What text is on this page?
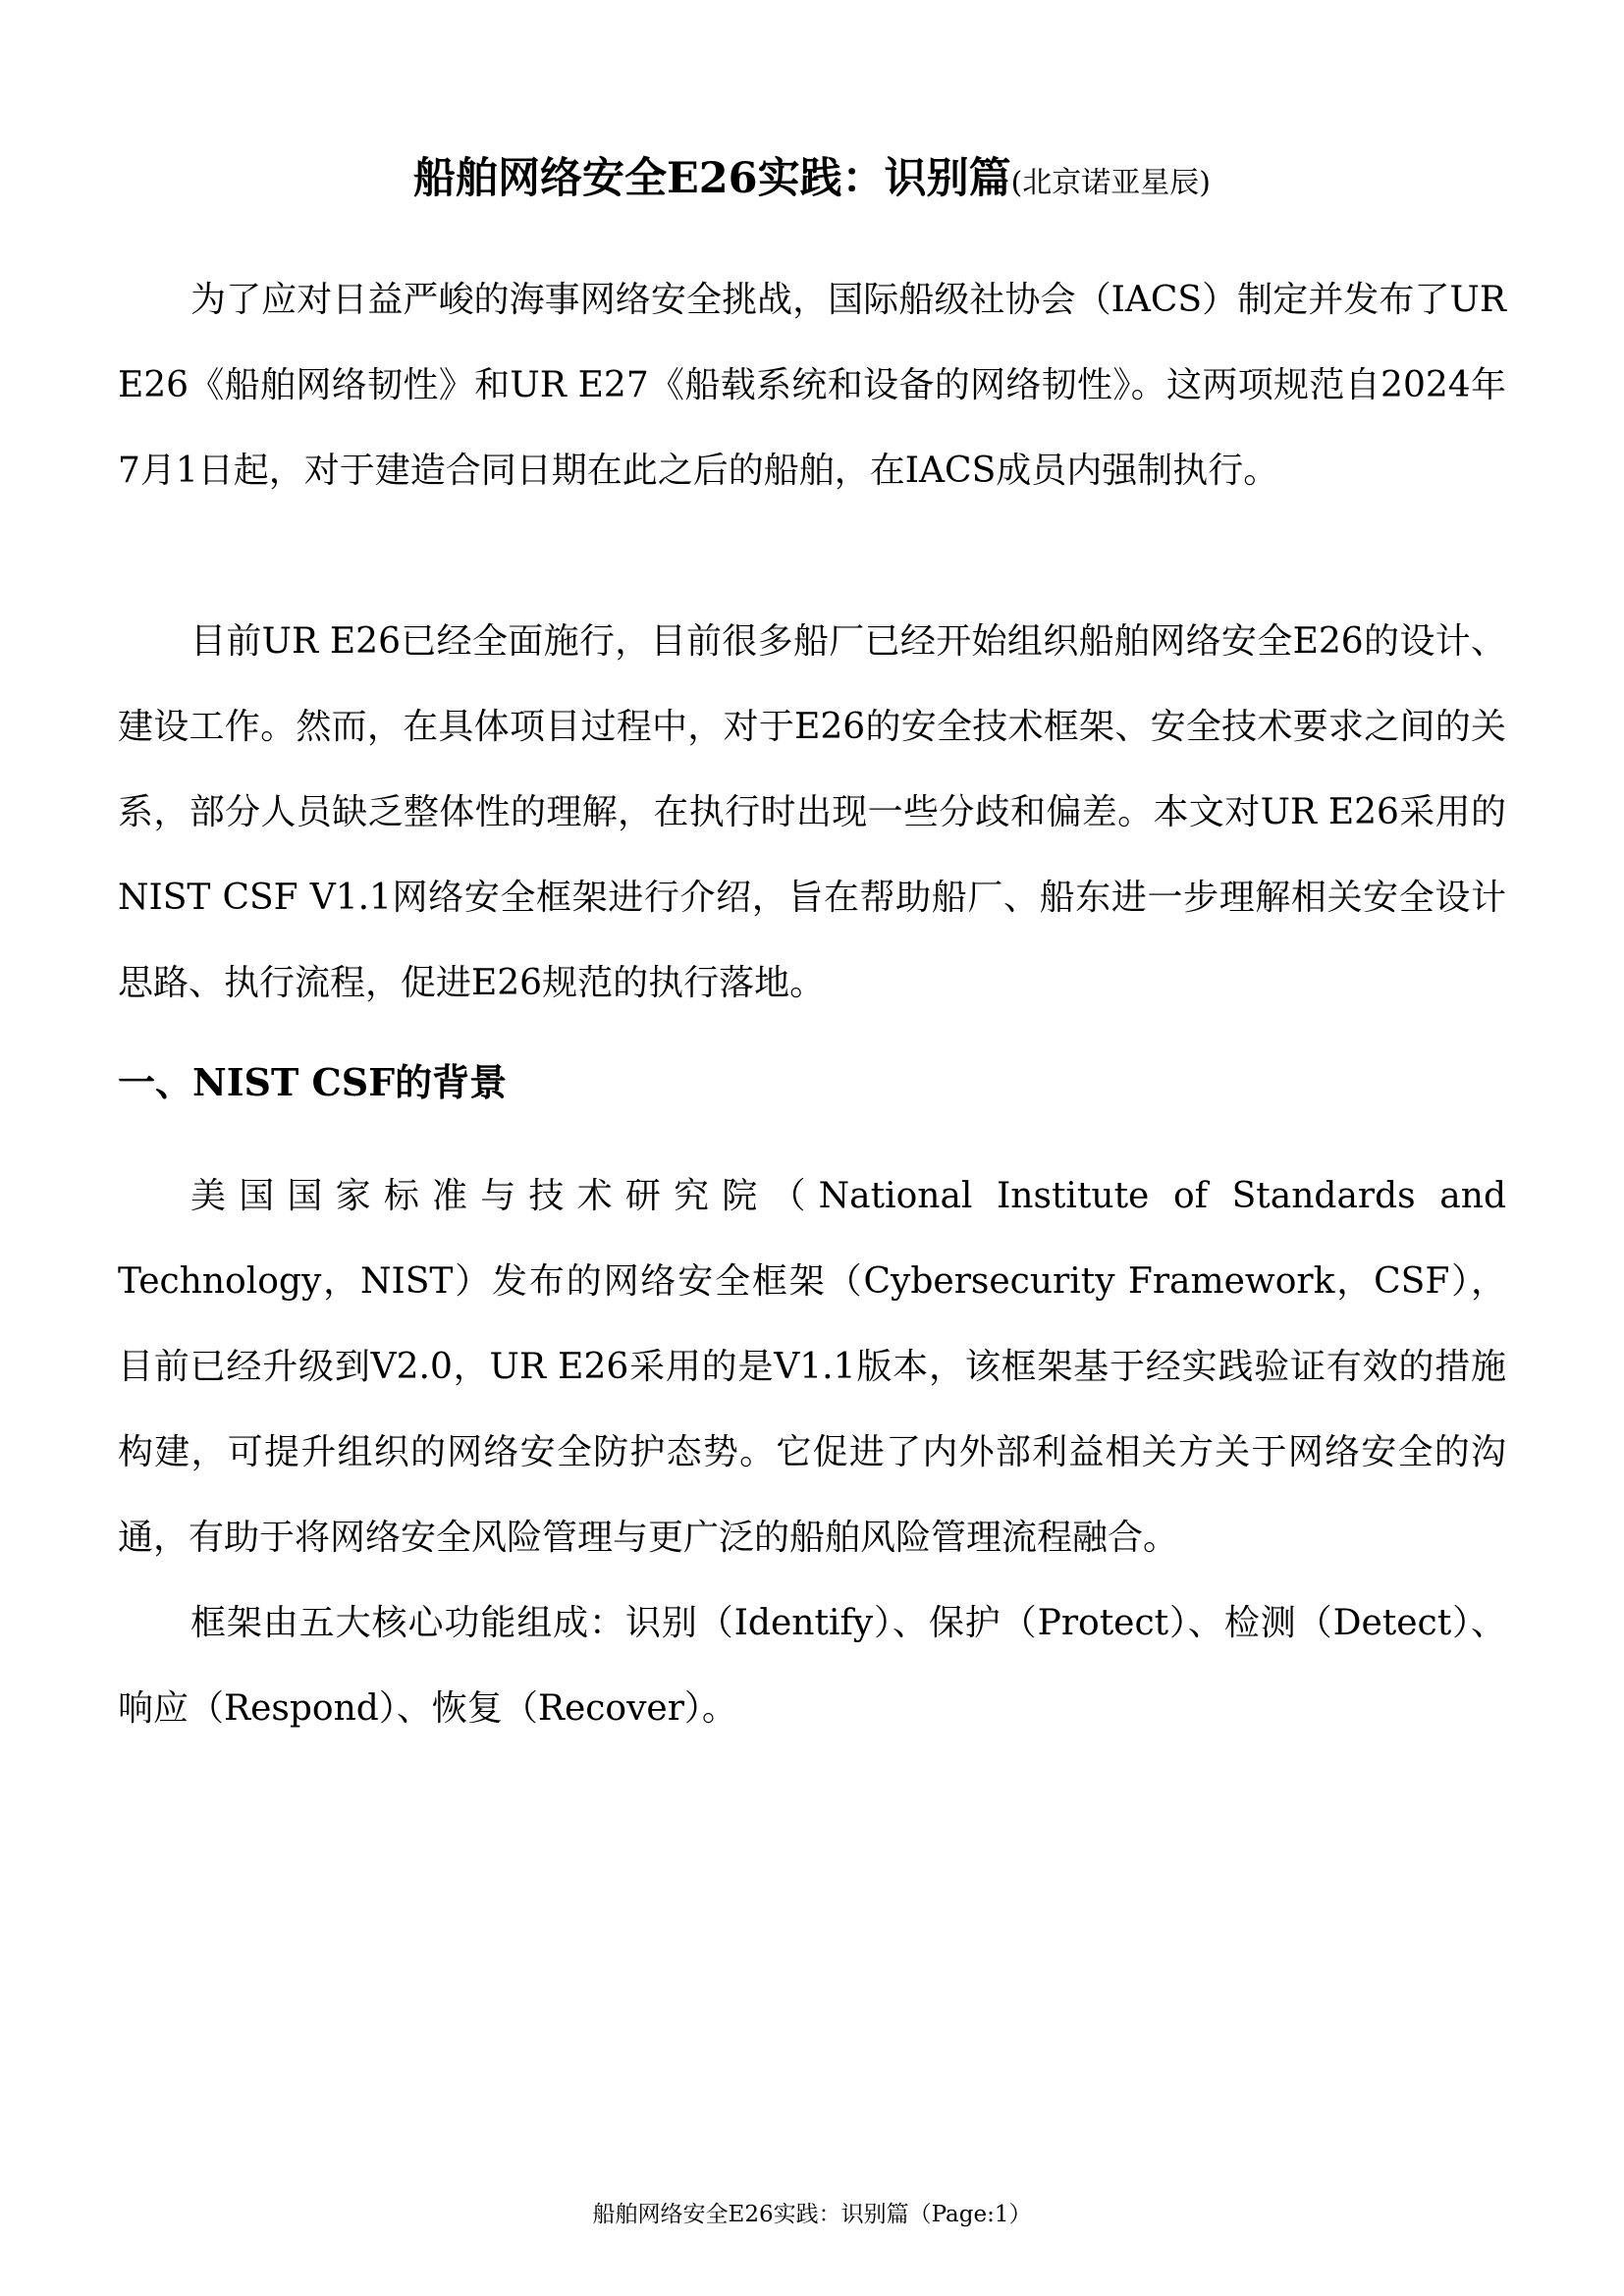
船舶网络安全E26实践：识别篇(北京诺亚星辰)

为了应对日益严峻的海事网络安全挑战，国际船级社协会（IACS）制定并发布了UR E26《船舶网络韧性》和UR E27《船载系统和设备的网络韧性》。这两项规范自2024年7月1日起，对于建造合同日期在此之后的船舶，在IACS成员内强制执行。

目前UR E26已经全面施行，目前很多船厂已经开始组织船舶网络安全E26的设计、建设工作。然而，在具体项目过程中，对于E26的安全技术框架、安全技术要求之间的关系，部分人员缺乏整体性的理解，在执行时出现一些分歧和偏差。本文对UR E26采用的NIST CSF V1.1网络安全框架进行介绍，旨在帮助船厂、船东进一步理解相关安全设计思路、执行流程，促进E26规范的执行落地。

一、NIST CSF的背景

美国国家标准与技术研究院（National Institute of Standards and Technology，NIST）发布的网络安全框架（Cybersecurity Framework，CSF），目前已经升级到V2.0，UR E26采用的是V1.1版本，该框架基于经实践验证有效的措施构建，可提升组织的网络安全防护态势。它促进了内外部利益相关方关于网络安全的沟通，有助于将网络安全风险管理与更广泛的船舶风险管理流程融合。

框架由五大核心功能组成：识别（Identify）、保护（Protect）、检测（Detect）、响应（Respond）、恢复（Recover）。

船舶网络安全E26实践：识别篇（Page:1）
